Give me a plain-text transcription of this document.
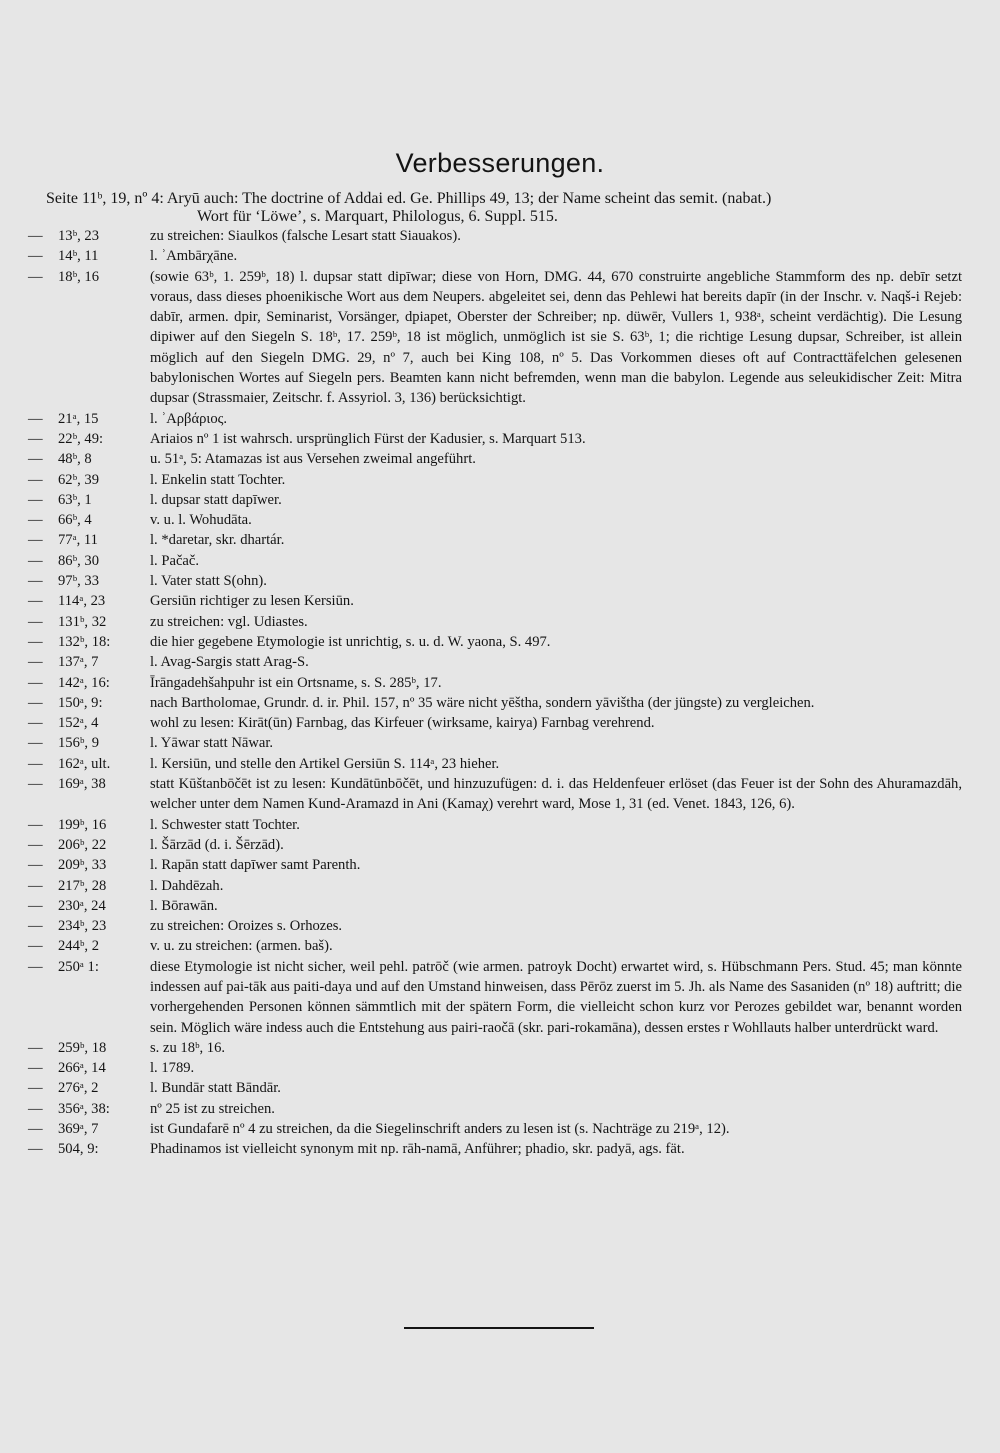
Verbesserungen.
Seite 11ᵇ, 19, nº 4: Aryū auch: The doctrine of Addai ed. Ge. Phillips 49, 13; der Name scheint das semit. (nabat.)
Wort für ‘Löwe’, s. Marquart, Philologus, 6. Suppl. 515.
— 13ᵇ, 23	zu streichen: Siaulkos (falsche Lesart statt Siauakos).
— 14ᵇ, 11	l. ʾAmbārχāne.
— 18ᵇ, 16	(sowie 63ᵇ, 1. 259ᵇ, 18) l. dupsar statt dipīwar; diese von Horn, DMG. 44, 670 construirte angebliche Stammform des np. debīr setzt voraus, dass dieses phoenikische Wort aus dem Neupers. abgeleitet sei, denn das Pehlewi hat bereits dapīr (in der Inschr. v. Naqš-i Rejeb: dabīr, armen. dpir, Seminarist, Vorsänger, dpiapet, Oberster der Schreiber; np. düwēr, Vullers 1, 938ᵃ, scheint verdächtig). Die Lesung dipiwer auf den Siegeln S. 18ᵇ, 17. 259ᵇ, 18 ist möglich, unmöglich ist sie S. 63ᵇ, 1; die richtige Lesung dupsar, Schreiber, ist allein möglich auf den Siegeln DMG. 29, nº 7, auch bei King 108, nº 5. Das Vorkommen dieses oft auf Contracttäfelchen gelesenen babylonischen Wortes auf Siegeln pers. Beamten kann nicht befremden, wenn man die babylon. Legende aus seleukidischer Zeit: Mitra dupsar (Strassmaier, Zeitschr. f. Assyriol. 3, 136) berücksichtigt.
— 21ᵃ, 15	l. ʾΑρβάριος.
— 22ᵇ, 49:	Ariaios nº 1 ist wahrsch. ursprünglich Fürst der Kadusier, s. Marquart 513.
— 48ᵇ, 8	u. 51ᵃ, 5: Atamazas ist aus Versehen zweimal angeführt.
— 62ᵇ, 39	l. Enkelin statt Tochter.
— 63ᵇ, 1	l. dupsar statt dapīwer.
— 66ᵇ, 4	v. u. l. Wohudāta.
— 77ᵃ, 11	l. *daretar, skr. dhartár.
— 86ᵇ, 30	l. Pačač.
— 97ᵇ, 33	l. Vater statt S(ohn).
— 114ᵃ, 23	Gersiūn richtiger zu lesen Kersiūn.
— 131ᵇ, 32	zu streichen: vgl. Udiastes.
— 132ᵇ, 18:	die hier gegebene Etymologie ist unrichtig, s. u. d. W. yaona, S. 497.
— 137ᵃ, 7	l. Avag-Sargis statt Arag-S.
— 142ᵃ, 16:	Īrāngadehšahpuhr ist ein Ortsname, s. S. 285ᵇ, 17.
— 150ᵃ, 9:	nach Bartholomae, Grundr. d. ir. Phil. 157, nº 35 wäre nicht yēštha, sondern yāvištha (der jüngste) zu vergleichen.
— 152ᵃ, 4	wohl zu lesen: Kirāt(ūn) Farnbag, das Kirfeuer (wirksame, kairya) Farnbag verehrend.
— 156ᵇ, 9	l. Yāwar statt Nāwar.
— 162ᵃ, ult.	l. Kersiūn, und stelle den Artikel Gersiūn S. 114ᵃ, 23 hieher.
— 169ᵃ, 38	statt Kūštanbōčēt ist zu lesen: Kundātūnbōčēt, und hinzuzufügen: d. i. das Heldenfeuer erlöset (das Feuer ist der Sohn des Ahuramazdāh, welcher unter dem Namen Kund-Aramazd in Ani (Kamaχ) verehrt ward, Mose 1, 31 (ed. Venet. 1843, 126, 6).
— 199ᵇ, 16	l. Schwester statt Tochter.
— 206ᵇ, 22	l. Šārzād (d. i. Šērzād).
— 209ᵇ, 33	l. Rapān statt dapīwer samt Parenth.
— 217ᵇ, 28	l. Dahdēzah.
— 230ᵃ, 24	l. Bōrawān.
— 234ᵇ, 23	zu streichen: Oroizes s. Orhozes.
— 244ᵇ, 2	v. u. zu streichen: (armen. baš).
— 250ᵃ 1:	diese Etymologie ist nicht sicher, weil pehl. patrōč (wie armen. patroyk Docht) erwartet wird, s. Hübschmann Pers. Stud. 45; man könnte indessen auf pai-tāk aus paiti-daya und auf den Umstand hinweisen, dass Pērōz zuerst im 5. Jh. als Name des Sasaniden (nº 18) auftritt; die vorhergehenden Personen können sämmtlich mit der spätern Form, die vielleicht schon kurz vor Perozes gebildet war, benannt worden sein. Möglich wäre indess auch die Entstehung aus pairi-raočā (skr. pari-rokamāna), dessen erstes r Wohllauts halber unterdrückt ward.
— 259ᵇ, 18	s. zu 18ᵇ, 16.
— 266ᵃ, 14	l. 1789.
— 276ᵃ, 2	l. Bundār statt Bāndār.
— 356ᵃ, 38:	nº 25 ist zu streichen.
— 369ᵃ, 7	ist Gundafarē nº 4 zu streichen, da die Siegelinschrift anders zu lesen ist (s. Nachträge zu 219ᵃ, 12).
— 504, 9:	Phadinamos ist vielleicht synonym mit np. rāh-namā, Anführer; phadio, skr. padyā, ags. fät.
